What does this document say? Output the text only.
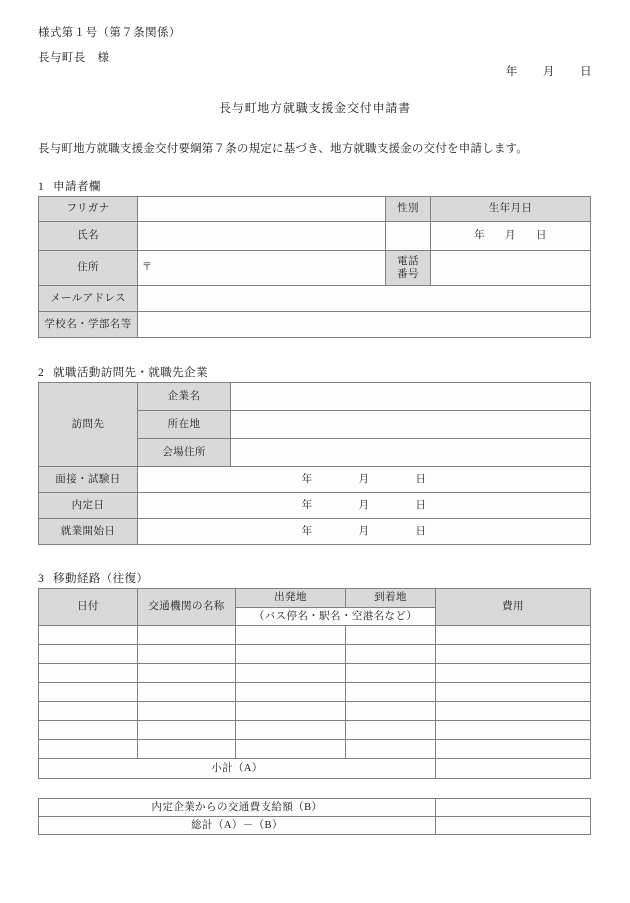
様式第１号（第７条関係）
長与町長　様
年 月 日
長与町地方就職支援金交付申請書
長与町地方就職支援金交付要綱第７条の規定に基づき、地方就職支援金の交付を申請します。
1 申請者欄
フリガナ		性別	生年月日
氏名			年 月 日
住所	〒	電話
番号	
メールアドレス			
学校名・学部名等			
2 就職活動訪問先・就職先企業
訪問先	企業名	
	所在地	
	会場住所	
面接・試験日	年 月 日	
内定日	年 月 日	
就業開始日	年 月 日	
3 移動経路（往復）
日付	交通機関の名称	出発地	到着地	費用
		（バス停名・駅名・空港名など）		

小計（A）				
内定企業からの交通費支給額（B）	
総計（A）－（B）	
